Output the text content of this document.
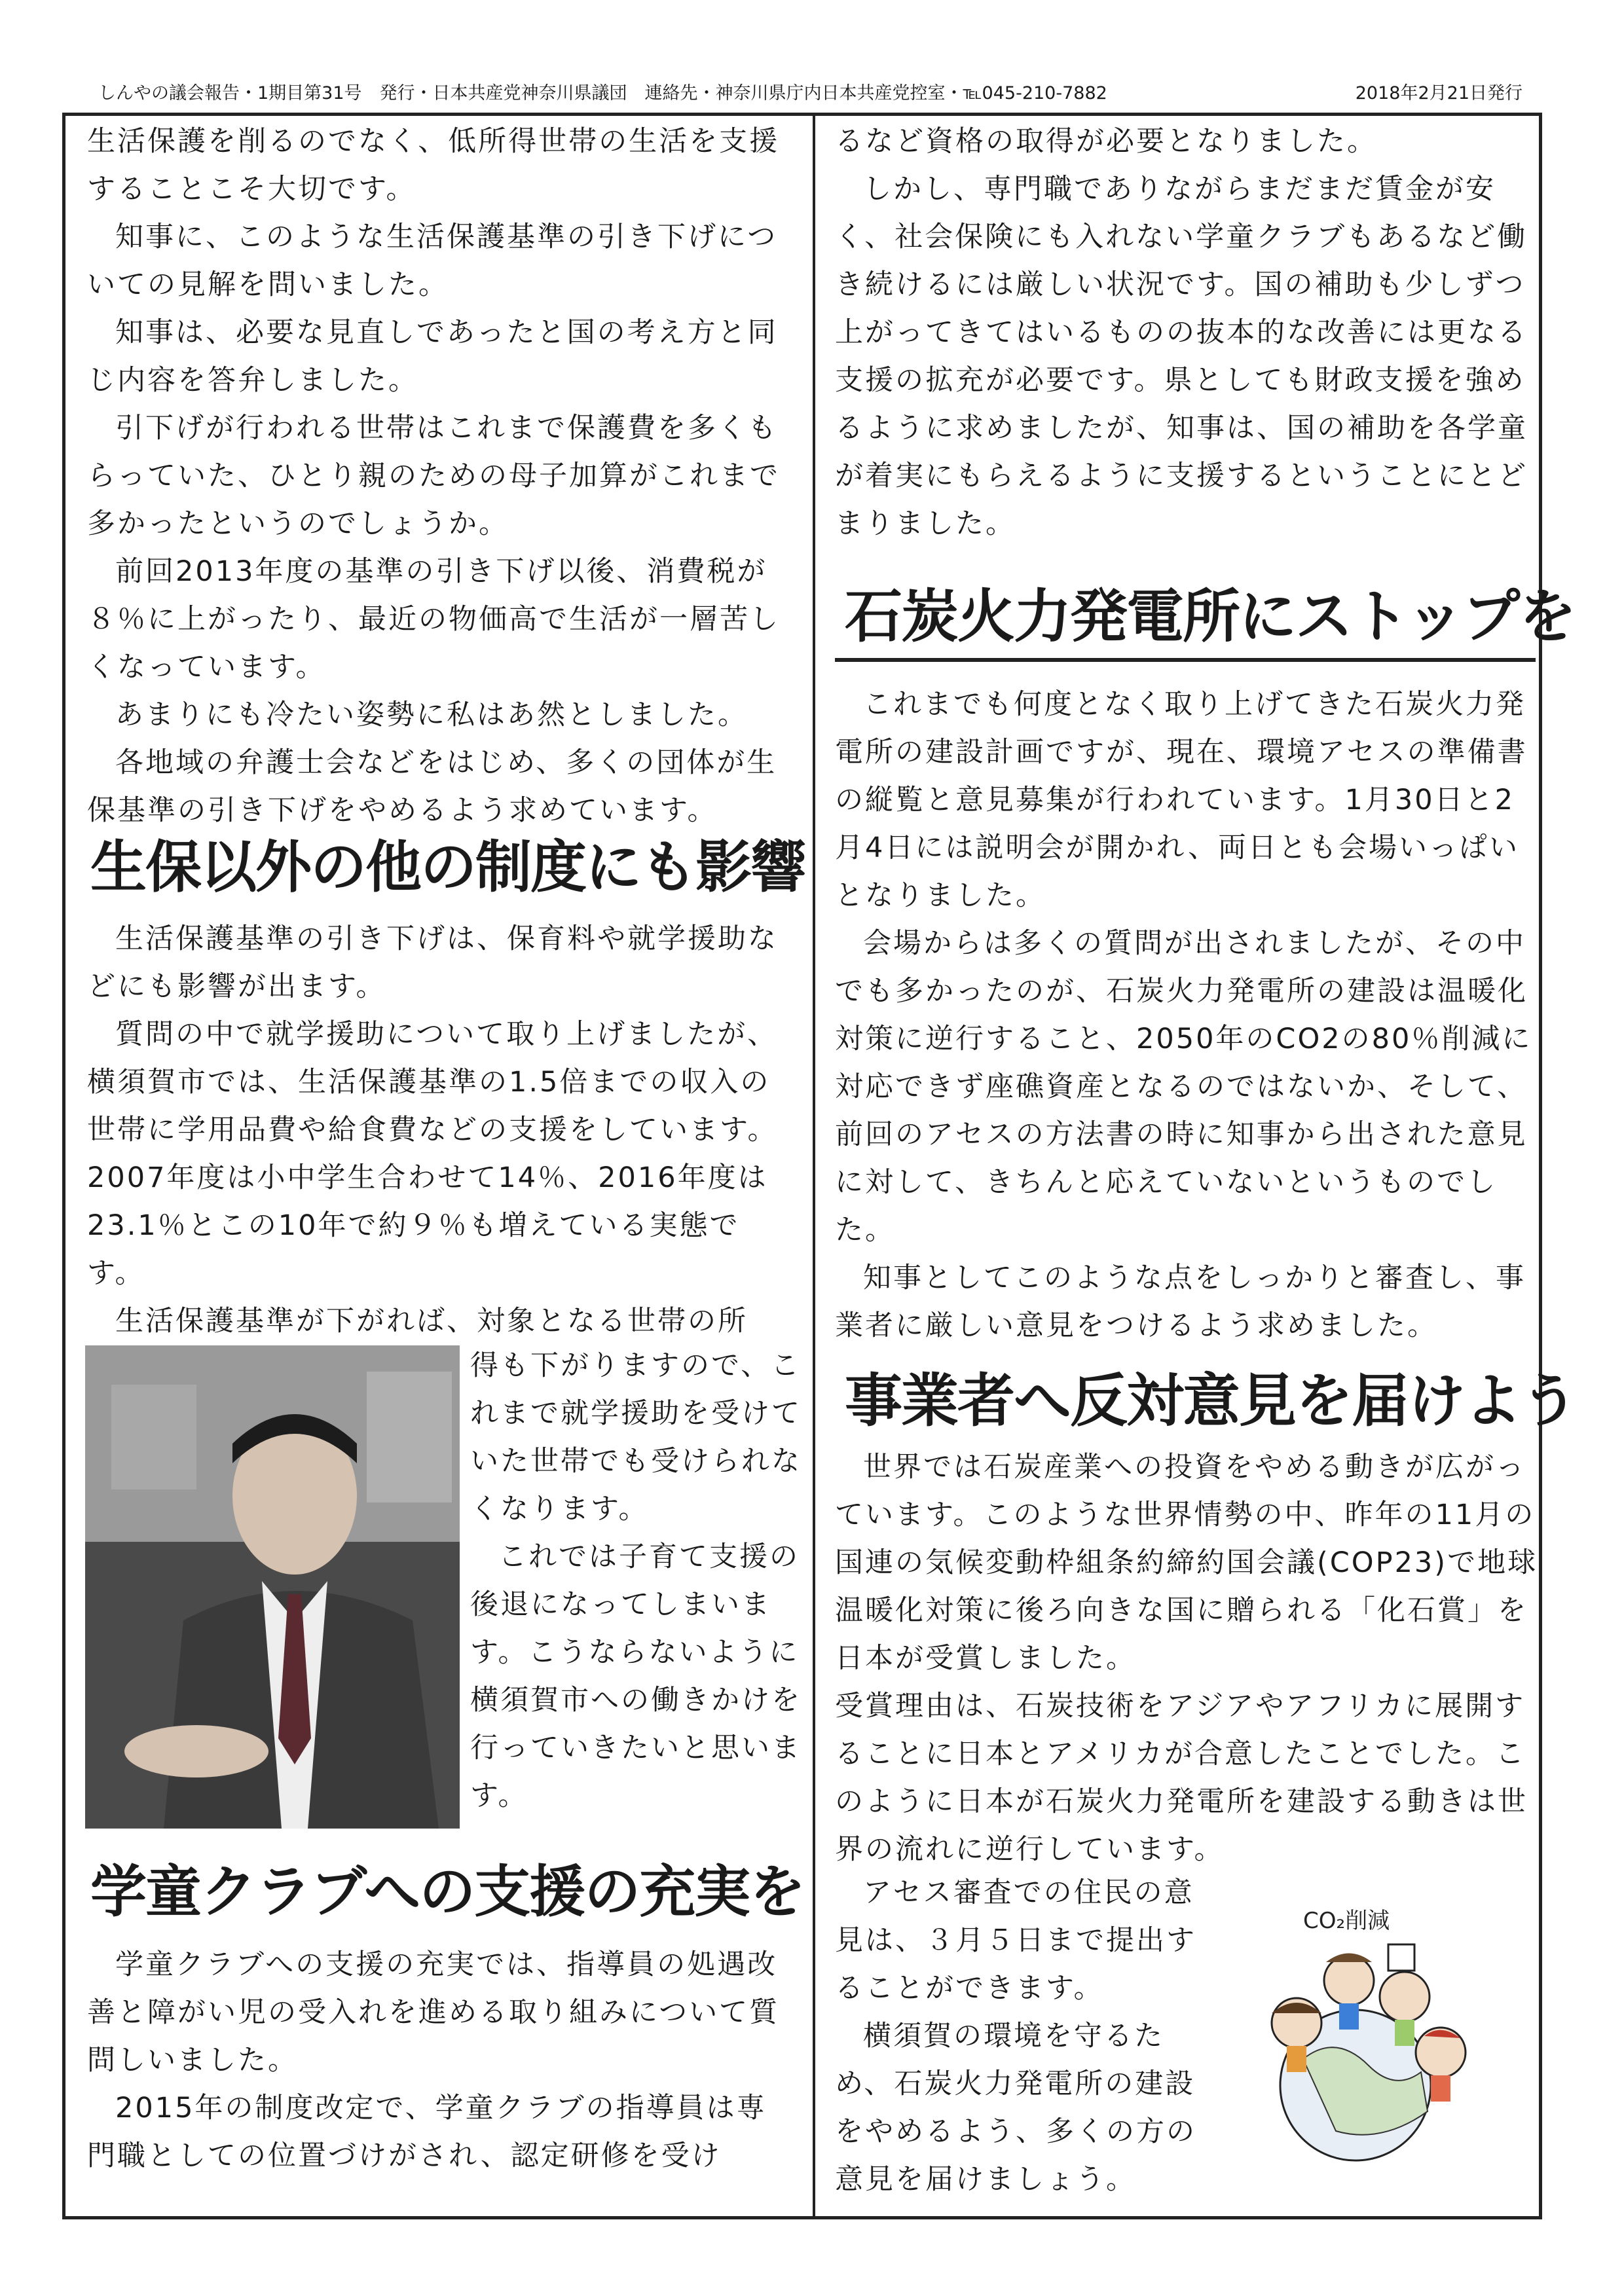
しんやの議会報告・1期目第31号　発行・日本共産党神奈川県議団　連絡先・神奈川県庁内日本共産党控室・℡045-210-7882	2018年2月21日発行

生活保護を削るのでなく、低所得世帯の生活を支援することこそ大切です。

知事に、このような生活保護基準の引き下げについての見解を問いました。

知事は、必要な見直しであったと国の考え方と同じ内容を答弁しました。

引下げが行われる世帯はこれまで保護費を多くもらっていた、ひとり親のための母子加算がこれまで多かったというのでしょうか。

前回2013年度の基準の引き下げ以後、消費税が８％に上がったり、最近の物価高で生活が一層苦しくなっています。

あまりにも冷たい姿勢に私はあ然としました。

各地域の弁護士会などをはじめ、多くの団体が生保基準の引き下げをやめるよう求めています。

生保以外の他の制度にも影響

生活保護基準の引き下げは、保育料や就学援助などにも影響が出ます。

質問の中で就学援助について取り上げましたが、横須賀市では、生活保護基準の1.5倍までの収入の世帯に学用品費や給食費などの支援をしています。2007年度は小中学生合わせて14％、2016年度は23.1％とこの10年で約９％も増えている実態です。

生活保護基準が下がれば、対象となる世帯の所

得も下がりますので、これまで就学援助を受けていた世帯でも受けられなくなります。

これでは子育て支援の後退になってしまいます。こうならないように横須賀市への働きかけを行っていきたいと思います。

学童クラブへの支援の充実を

学童クラブへの支援の充実では、指導員の処遇改善と障がい児の受入れを進める取り組みについて質問しいました。

2015年の制度改定で、学童クラブの指導員は専門職としての位置づけがされ、認定研修を受け

るなど資格の取得が必要となりました。

しかし、専門職でありながらまだまだ賃金が安く、社会保険にも入れない学童クラブもあるなど働き続けるには厳しい状況です。国の補助も少しずつ上がってきてはいるものの抜本的な改善には更なる支援の拡充が必要です。県としても財政支援を強めるように求めましたが、知事は、国の補助を各学童が着実にもらえるように支援するということにとどまりました。

石炭火力発電所にストップを

これまでも何度となく取り上げてきた石炭火力発電所の建設計画ですが、現在、環境アセスの準備書の縦覧と意見募集が行われています。1月30日と2月4日には説明会が開かれ、両日とも会場いっぱいとなりました。

会場からは多くの質問が出されましたが、その中でも多かったのが、石炭火力発電所の建設は温暖化対策に逆行すること、2050年のCO2の80％削減に対応できず座礁資産となるのではないか、そして、前回のアセスの方法書の時に知事から出された意見に対して、きちんと応えていないというものでした。

知事としてこのような点をしっかりと審査し、事業者に厳しい意見をつけるよう求めました。

事業者へ反対意見を届けよう

世界では石炭産業への投資をやめる動きが広がっています。このような世界情勢の中、昨年の11月の国連の気候変動枠組条約締約国会議(COP23)で地球温暖化対策に後ろ向きな国に贈られる「化石賞」を日本が受賞しました。

受賞理由は、石炭技術をアジアやアフリカに展開することに日本とアメリカが合意したことでした。このように日本が石炭火力発電所を建設する動きは世界の流れに逆行しています。

アセス審査での住民の意見は、３月５日まで提出することができます。

横須賀の環境を守るため、石炭火力発電所の建設をやめるよう、多くの方の意見を届けましょう。

CO₂削減
